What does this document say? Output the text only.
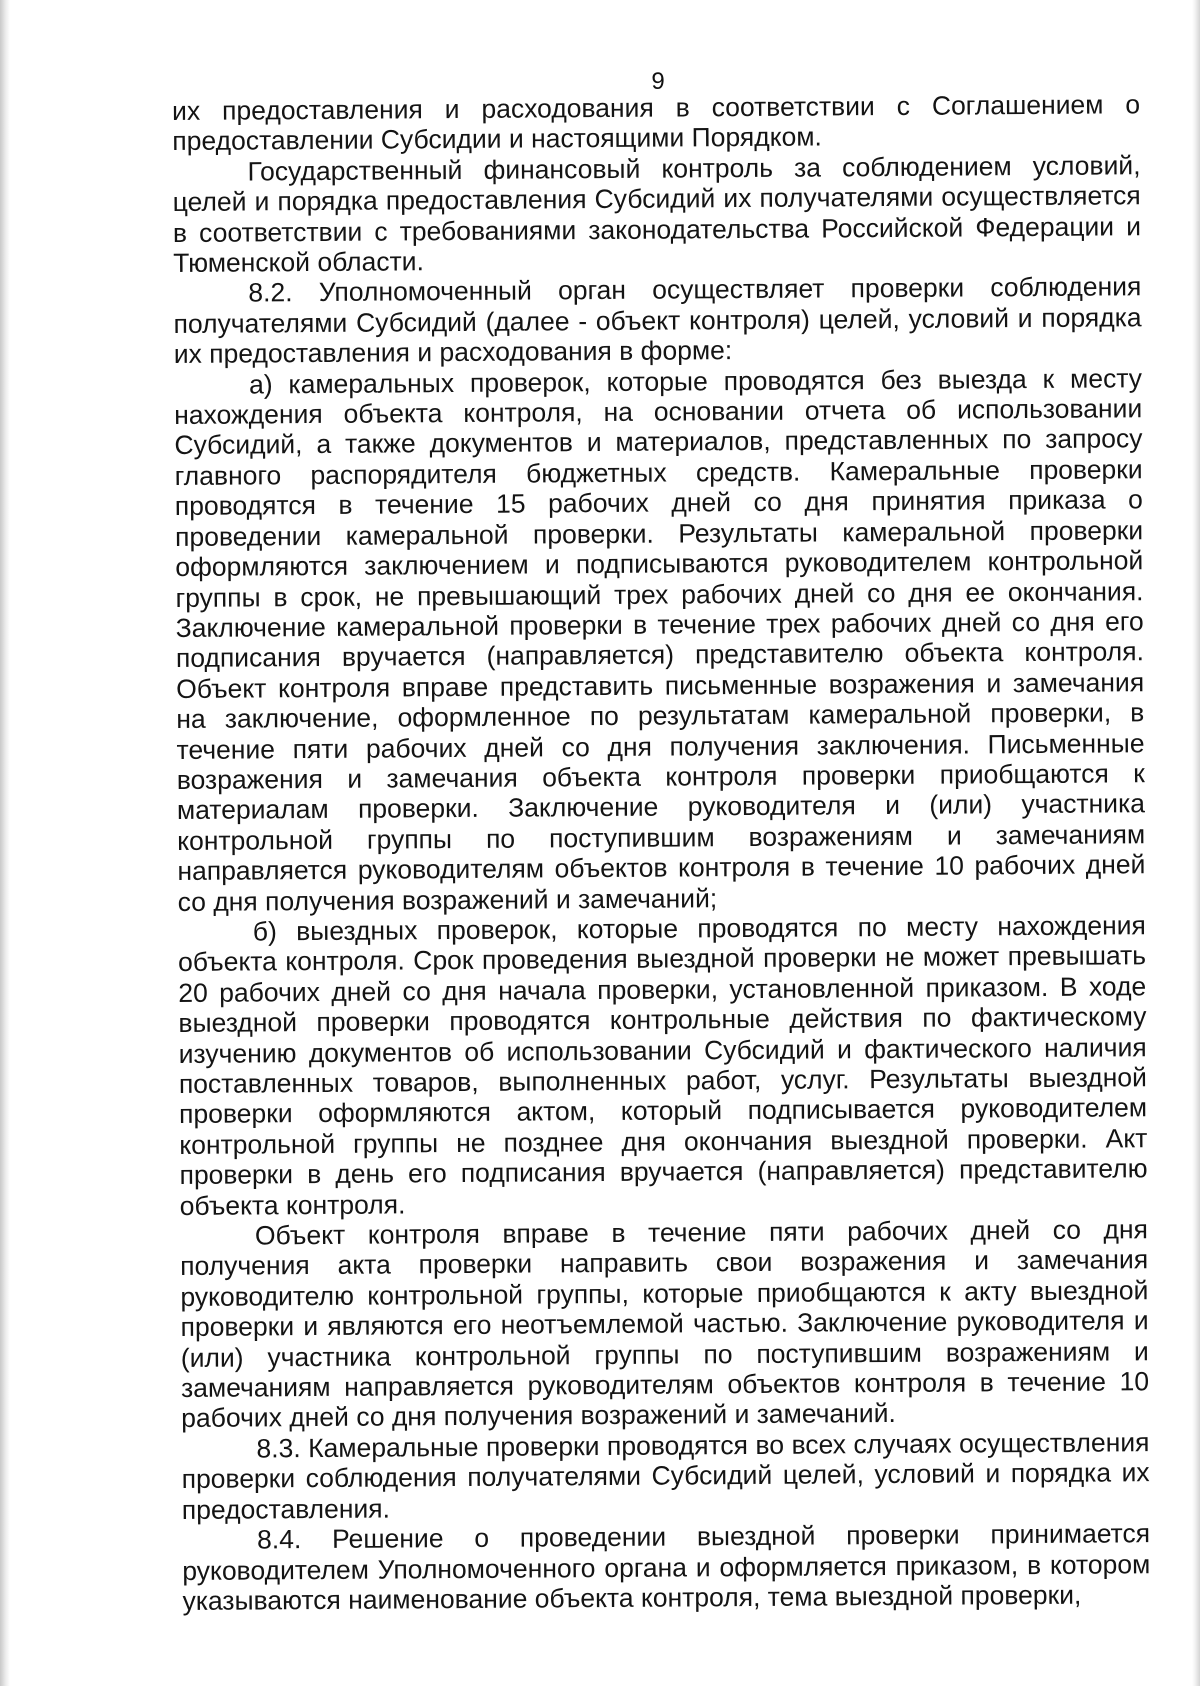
9

их предоставления и расходования в соответствии с Соглашением о предоставлении Субсидии и настоящими Порядком.

Государственный финансовый контроль за соблюдением условий, целей и порядка предоставления Субсидий их получателями осуществляется в соответствии с требованиями законодательства Российской Федерации и Тюменской области.

8.2. Уполномоченный орган осуществляет проверки соблюдения получателями Субсидий (далее - объект контроля) целей, условий и порядка их предоставления и расходования в форме:

а) камеральных проверок, которые проводятся без выезда к месту нахождения объекта контроля, на основании отчета об использовании Субсидий, а также документов и материалов, представленных по запросу главного распорядителя бюджетных средств. Камеральные проверки проводятся в течение 15 рабочих дней со дня принятия приказа о проведении камеральной проверки. Результаты камеральной проверки оформляются заключением и подписываются руководителем контрольной группы в срок, не превышающий трех рабочих дней со дня ее окончания. Заключение камеральной проверки в течение трех рабочих дней со дня его подписания вручается (направляется) представителю объекта контроля. Объект контроля вправе представить письменные возражения и замечания на заключение, оформленное по результатам камеральной проверки, в течение пяти рабочих дней со дня получения заключения. Письменные возражения и замечания объекта контроля проверки приобщаются к материалам проверки. Заключение руководителя и (или) участника контрольной группы по поступившим возражениям и замечаниям направляется руководителям объектов контроля в течение 10 рабочих дней со дня получения возражений и замечаний;

б) выездных проверок, которые проводятся по месту нахождения объекта контроля. Срок проведения выездной проверки не может превышать 20 рабочих дней со дня начала проверки, установленной приказом. В ходе выездной проверки проводятся контрольные действия по фактическому изучению документов об использовании Субсидий и фактического наличия поставленных товаров, выполненных работ, услуг. Результаты выездной проверки оформляются актом, который подписывается руководителем контрольной группы не позднее дня окончания выездной проверки. Акт проверки в день его подписания вручается (направляется) представителю объекта контроля.

Объект контроля вправе в течение пяти рабочих дней со дня получения акта проверки направить свои возражения и замечания руководителю контрольной группы, которые приобщаются к акту выездной проверки и являются его неотъемлемой частью. Заключение руководителя и (или) участника контрольной группы по поступившим возражениям и замечаниям направляется руководителям объектов контроля в течение 10 рабочих дней со дня получения возражений и замечаний.

8.3. Камеральные проверки проводятся во всех случаях осуществления проверки соблюдения получателями Субсидий целей, условий и порядка их предоставления.

8.4. Решение о проведении выездной проверки принимается руководителем Уполномоченного органа и оформляется приказом, в котором указываются наименование объекта контроля, тема выездной проверки,
